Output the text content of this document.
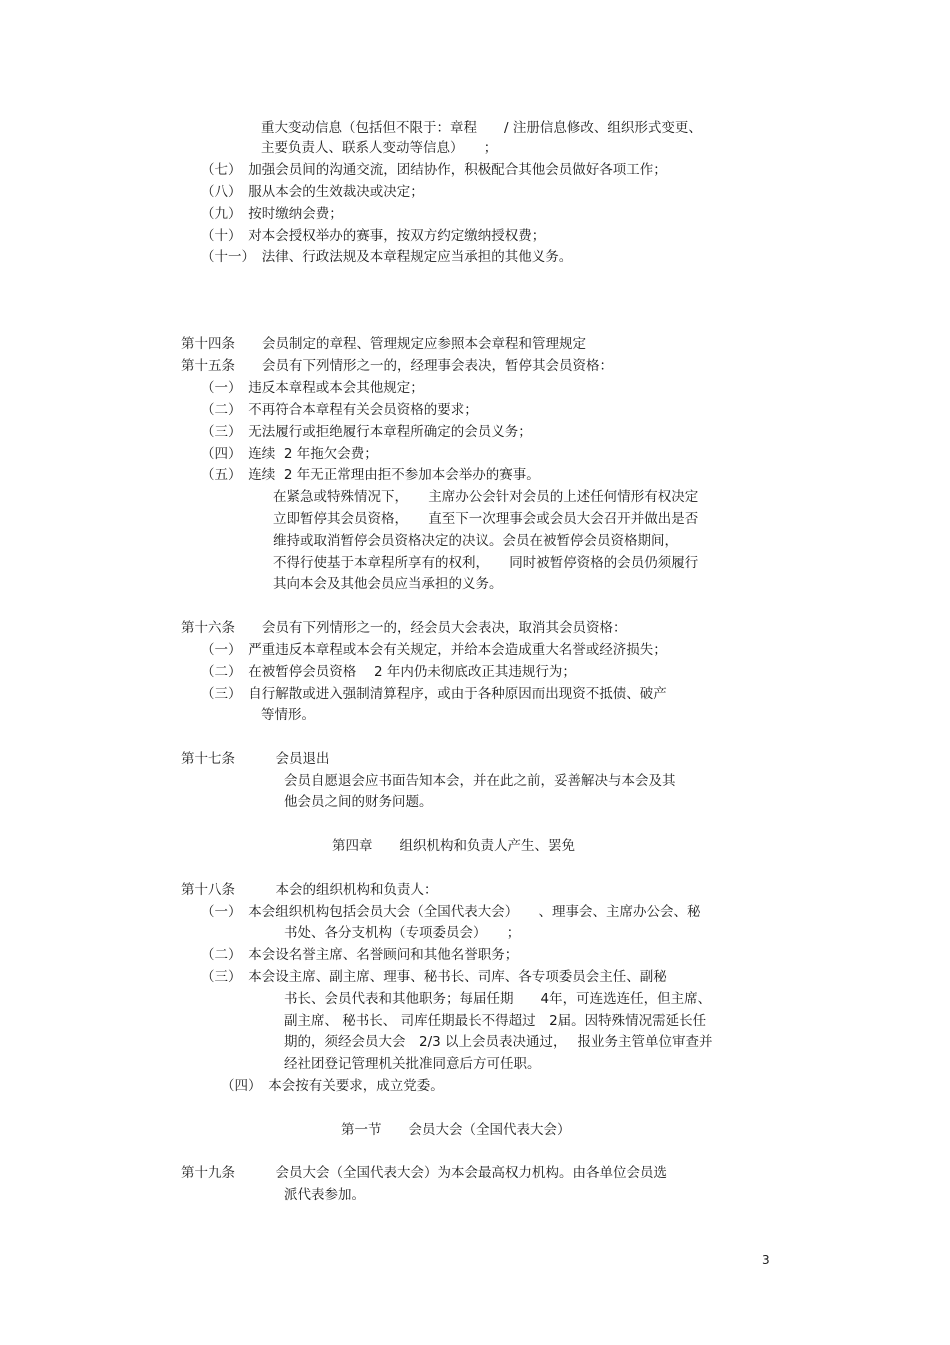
重大变动信息（包括但不限于：章程　　/ 注册信息修改、组织形式变更、
主要负责人、联系人变动等信息）　　；
（七）　加强会员间的沟通交流，团结协作，积极配合其他会员做好各项工作；
（八）　服从本会的生效裁决或决定；
（九）　按时缴纳会费；
（十）　对本会授权举办的赛事，按双方约定缴纳授权费；
（十一）　法律、行政法规及本章程规定应当承担的其他义务。
第十四条　　会员制定的章程、管理规定应参照本会章程和管理规定
第十五条　　会员有下列情形之一的，经理事会表决，暂停其会员资格：
（一）　违反本章程或本会其他规定；
（二）　不再符合本章程有关会员资格的要求；
（三）　无法履行或拒绝履行本章程所确定的会员义务；
（四）　连续  2 年拖欠会费；
（五）　连续  2 年无正常理由拒不参加本会举办的赛事。
在紧急或特殊情况下，　　主席办公会针对会员的上述任何情形有权决定
立即暂停其会员资格，　　直至下一次理事会或会员大会召开并做出是否
维持或取消暂停会员资格决定的决议。会员在被暂停会员资格期间，
不得行使基于本章程所享有的权利，　　同时被暂停资格的会员仍须履行
其向本会及其他会员应当承担的义务。
第十六条　　会员有下列情形之一的，经会员大会表决，取消其会员资格：
（一）　严重违反本章程或本会有关规定，并给本会造成重大名誉或经济损失；
（二）　在被暂停会员资格　 2 年内仍未彻底改正其违规行为；
（三）　自行解散或进入强制清算程序，或由于各种原因而出现资不抵债、破产
等情形。
第十七条　　　会员退出
会员自愿退会应书面告知本会，并在此之前，妥善解决与本会及其
他会员之间的财务问题。
第四章　　组织机构和负责人产生、罢免
第十八条　　　本会的组织机构和负责人：
（一）　本会组织机构包括会员大会（全国代表大会）　　、理事会、主席办公会、秘
书处、各分支机构（专项委员会）　　；
（二）　本会设名誉主席、名誉顾问和其他名誉职务；
（三）　本会设主席、副主席、理事、秘书长、司库、各专项委员会主任、副秘
书长、会员代表和其他职务；每届任期　　4年，可连选连任，但主席、
副主席、 秘书长、 司库任期最长不得超过　2届。因特殊情况需延长任
期的，须经会员大会　2/3 以上会员表决通过，　 报业务主管单位审查并
经社团登记管理机关批准同意后方可任职。
（四）　本会按有关要求，成立党委。
第一节　　会员大会（全国代表大会）
第十九条　　　会员大会（全国代表大会）为本会最高权力机构。由各单位会员选
派代表参加。
3
